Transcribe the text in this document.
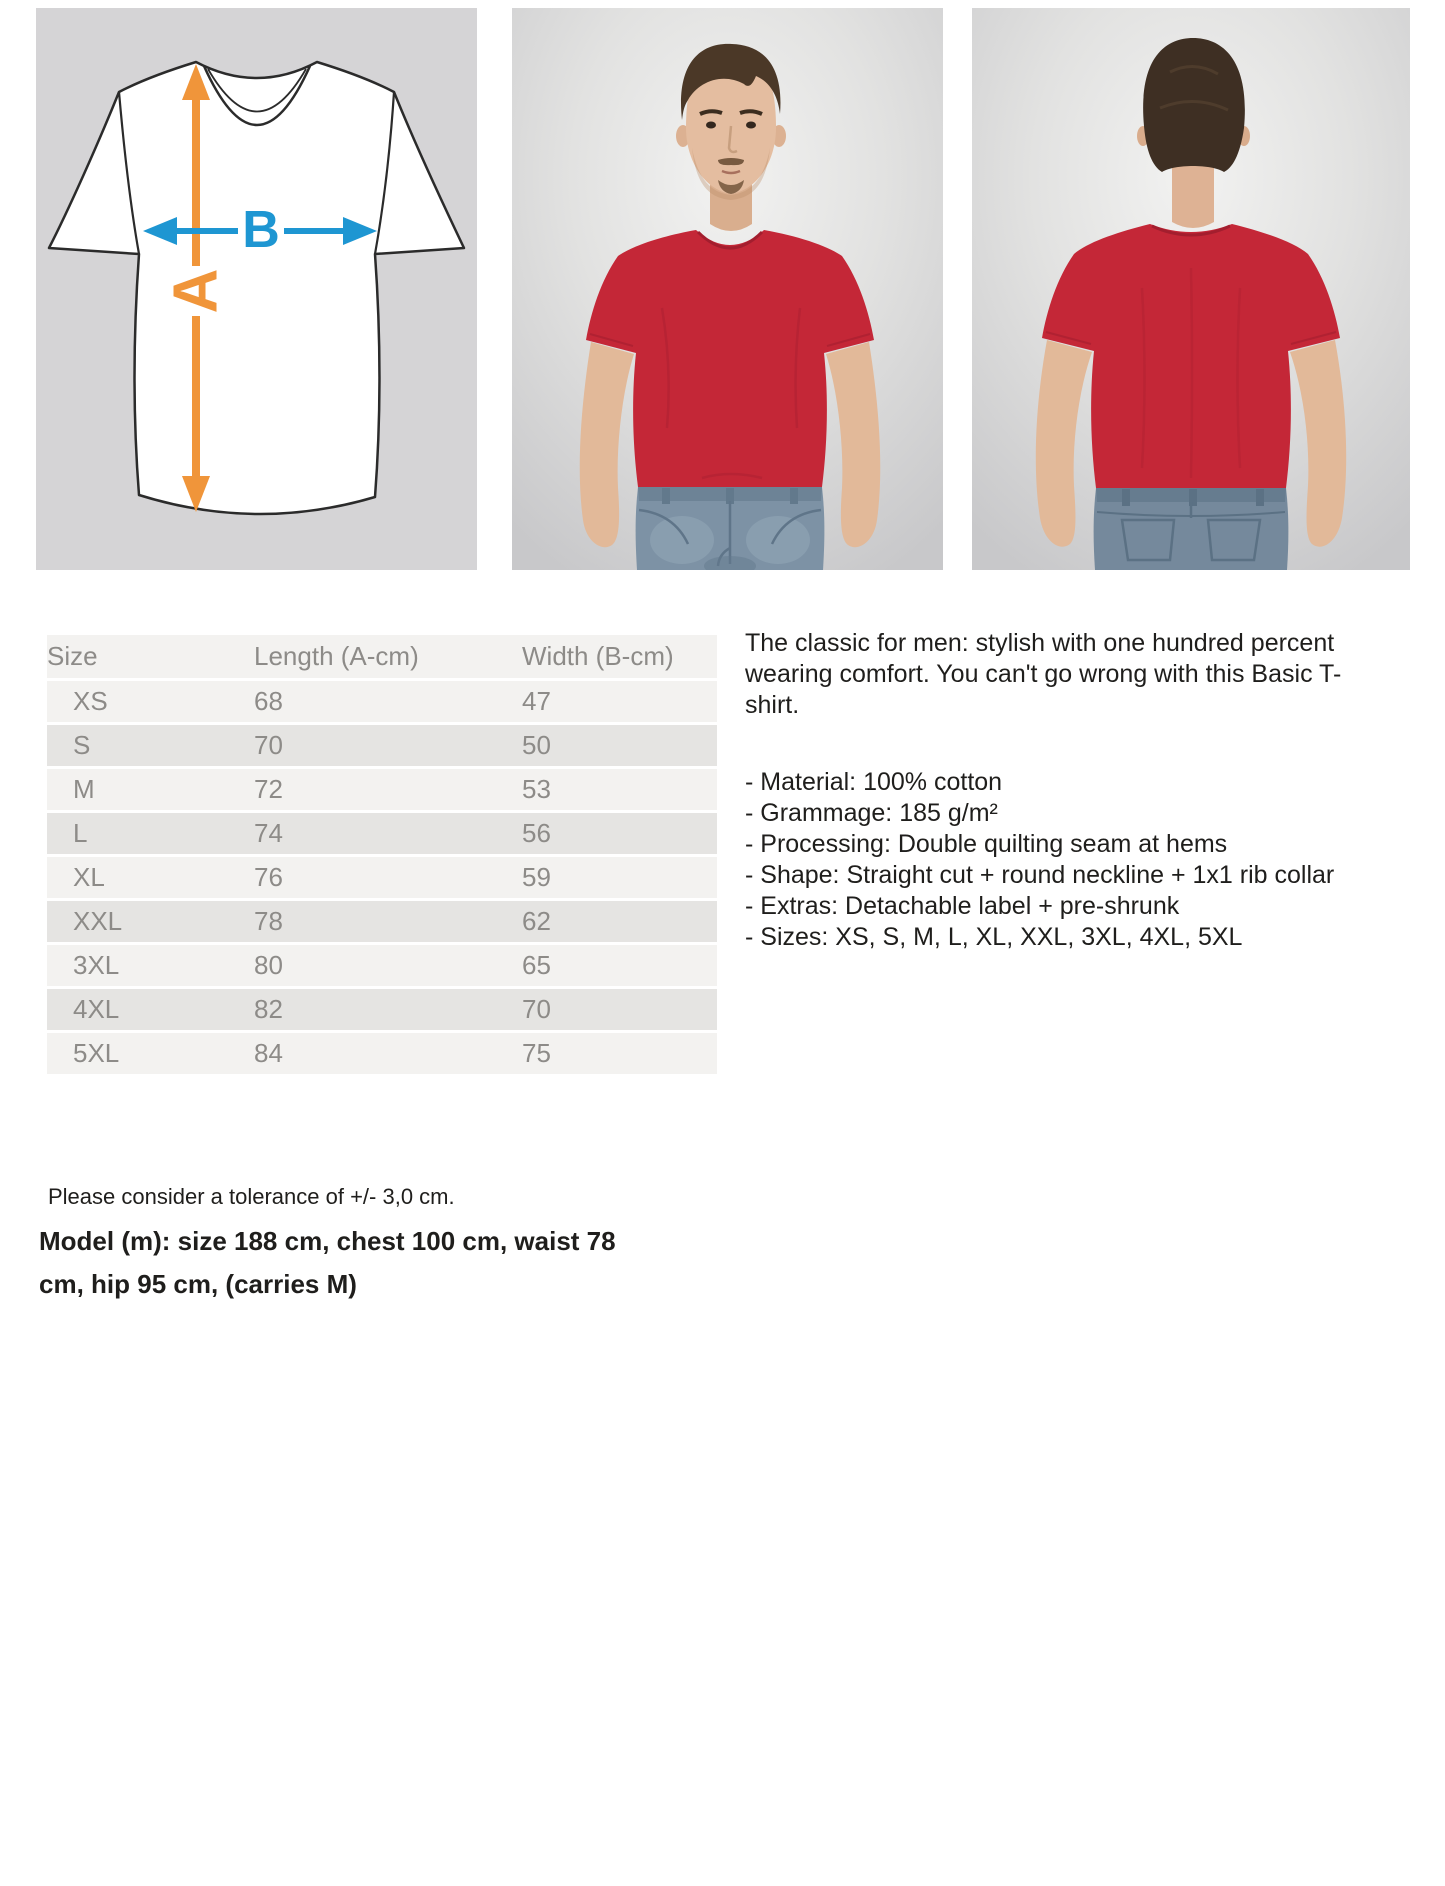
A
B
Size	Length (A-cm)	Width (B-cm)
XS	68	47
S	70	50
M	72	53
L	74	56
XL	76	59
XXL	78	62
3XL	80	65
4XL	82	70
5XL	84	75

The classic for men: stylish with one hundred percent wearing comfort. You can't go wrong with this Basic T-shirt.

- Material: 100% cotton
- Grammage: 185 g/m²
- Processing: Double quilting seam at hems
- Shape: Straight cut + round neckline + 1x1 rib collar
- Extras: Detachable label + pre-shrunk
- Sizes: XS, S, M, L, XL, XXL, 3XL, 4XL, 5XL

Please consider a tolerance of +/- 3,0 cm.

Model (m): size 188 cm, chest 100 cm, waist 78
cm, hip 95 cm, (carries M)
